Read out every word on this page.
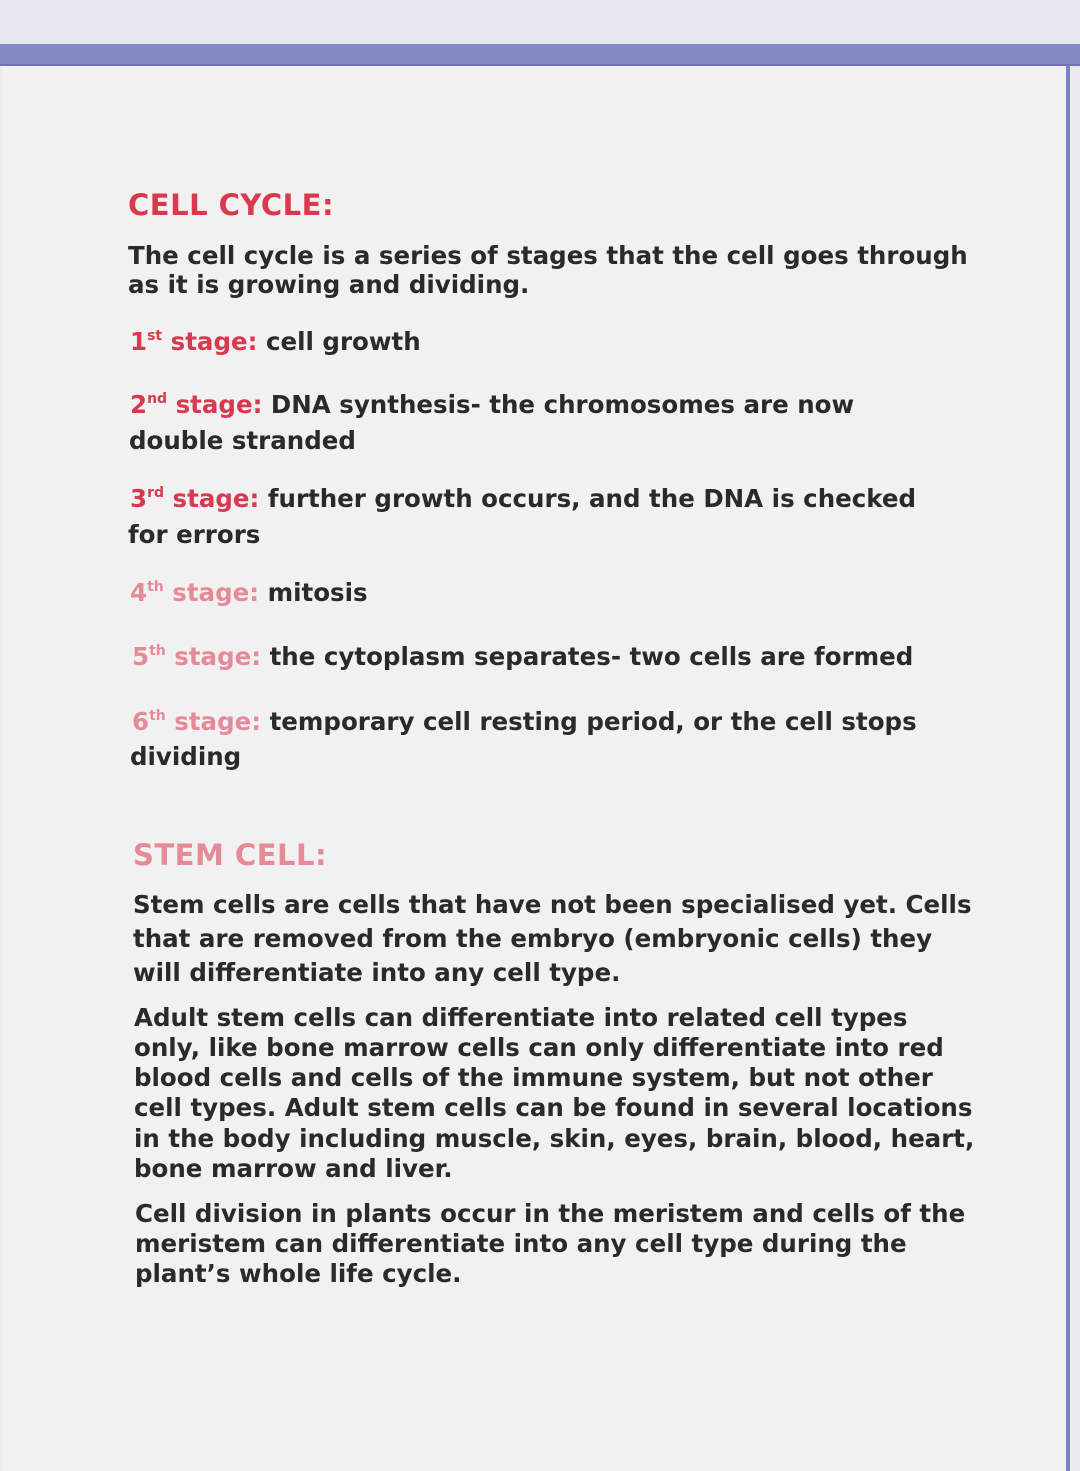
CELL CYCLE:

The cell cycle is a series of stages that the cell goes through

as it is growing and dividing.

1st stage: cell growth
2nd stage: DNA synthesis- the chromosomes are now

double stranded

3rd stage: further growth occurs, and the DNA is checked

for errors

4th stage: mitosis
5th stage: the cytoplasm separates- two cells are formed
6th stage: temporary cell resting period, or the cell stops

dividing

STEM CELL:

Stem cells are cells that have not been specialised yet. Cells

that are removed from the embryo (embryonic cells) they

will differentiate into any cell type.

Adult stem cells can differentiate into related cell types

only, like bone marrow cells can only differentiate into red

blood cells and cells of the immune system, but not other

cell types. Adult stem cells can be found in several locations

in the body including muscle, skin, eyes, brain, blood, heart,

bone marrow and liver.

Cell division in plants occur in the meristem and cells of the

meristem can differentiate into any cell type during the

plant’s whole life cycle.
